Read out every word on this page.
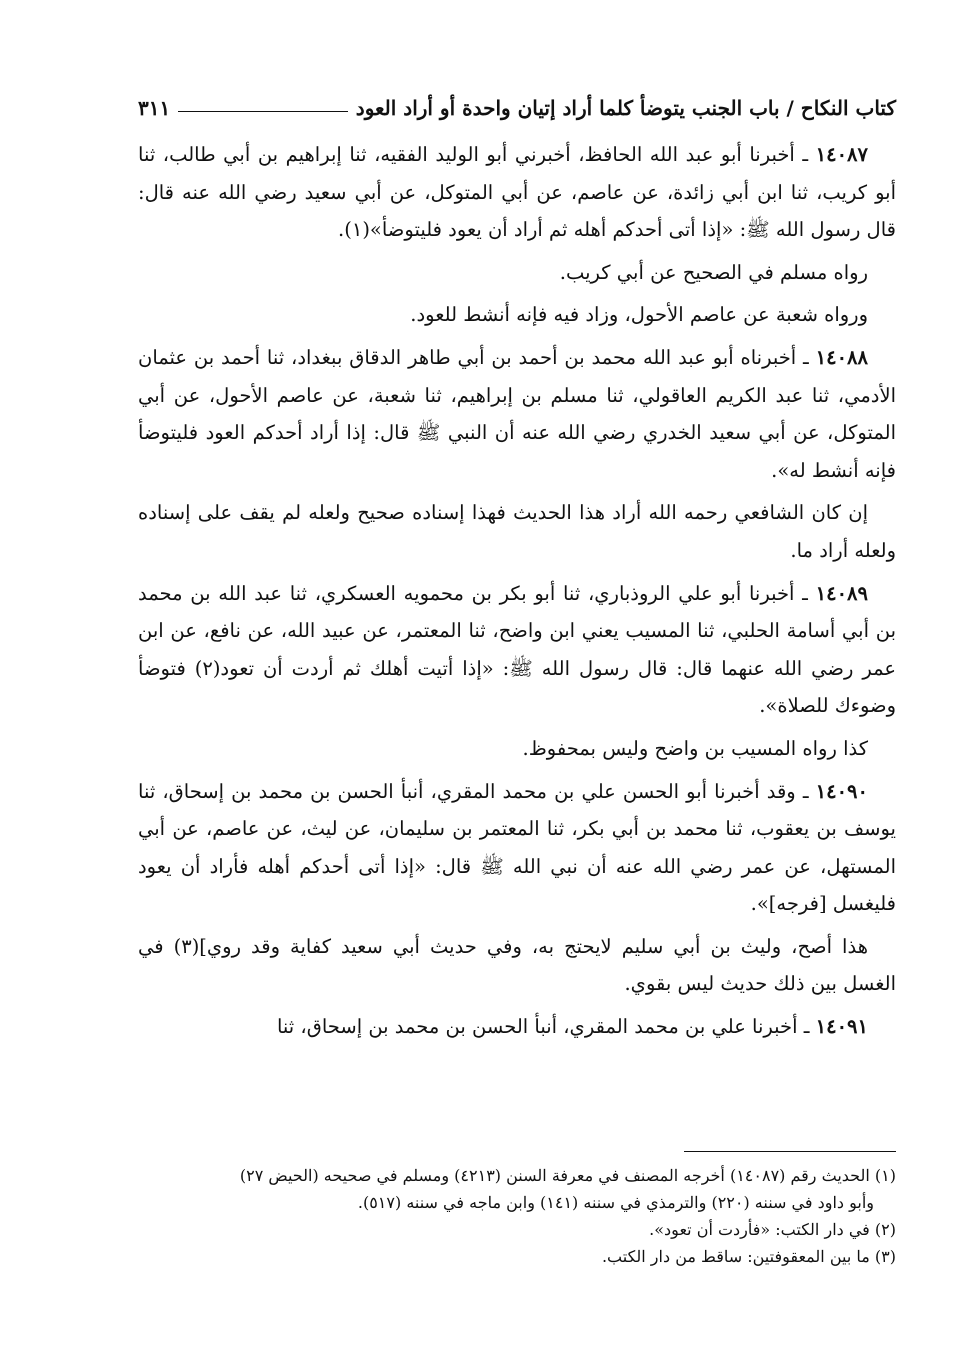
كتاب النكاح / باب الجنب يتوضأ كلما أراد إتيان واحدة أو أراد العود
٣١١

١٤٠٨٧ ـ أخبرنا أبو عبد الله الحافظ، أخبرني أبو الوليد الفقيه، ثنا إبراهيم بن أبي طالب، ثنا أبو كريب، ثنا ابن أبي زائدة، عن عاصم، عن أبي المتوكل، عن أبي سعيد رضي الله عنه قال: قال رسول الله ﷺ: «إذا أتى أحدكم أهله ثم أراد أن يعود فليتوضأ»(١).

رواه مسلم في الصحيح عن أبي كريب.

ورواه شعبة عن عاصم الأحول، وزاد فيه فإنه أنشط للعود.

١٤٠٨٨ ـ أخبرناه أبو عبد الله محمد بن أحمد بن أبي طاهر الدقاق ببغداد، ثنا أحمد بن عثمان الأدمي، ثنا عبد الكريم العاقولي، ثنا مسلم بن إبراهيم، ثنا شعبة، عن عاصم الأحول، عن أبي المتوكل، عن أبي سعيد الخدري رضي الله عنه أن النبي ﷺ قال: إذا أراد أحدكم العود فليتوضأ فإنه أنشط له».

إن كان الشافعي رحمه الله أراد هذا الحديث فهذا إسناده صحيح ولعله لم يقف على إسناده ولعله أراد ما.

١٤٠٨٩ ـ أخبرنا أبو علي الروذباري، ثنا أبو بكر بن محمويه العسكري، ثنا عبد الله بن محمد بن أبي أسامة الحلبي، ثنا المسيب يعني ابن واضح، ثنا المعتمر، عن عبيد الله، عن نافع، عن ابن عمر رضي الله عنهما قال: قال رسول الله ﷺ: «إذا أتيت أهلك ثم أردت أن تعود(٢) فتوضأ وضوءك للصلاة».

كذا رواه المسيب بن واضح وليس بمحفوظ.

١٤٠٩٠ ـ وقد أخبرنا أبو الحسن علي بن محمد المقري، أنبأ الحسن بن محمد بن إسحاق، ثنا يوسف بن يعقوب، ثنا محمد بن أبي بكر، ثنا المعتمر بن سليمان، عن ليث، عن عاصم، عن أبي المستهل، عن عمر رضي الله عنه أن نبي الله ﷺ قال: «إذا أتى أحدكم أهله فأراد أن يعود فليغسل [فرجه]».

هذا أصح، وليث بن أبي سليم لايحتج به، وفي حديث أبي سعيد كفاية وقد روي](٣) في الغسل بين ذلك حديث ليس بقوي.

١٤٠٩١ ـ أخبرنا علي بن محمد المقري، أنبأ الحسن بن محمد بن إسحاق، ثنا

(١) الحديث رقم (١٤٠٨٧) أخرجه المصنف في معرفة السنن (٤٢١٣) ومسلم في صحيحه (الحيض ٢٧)

وأبو داود في سننه (٢٢٠) والترمذي في سننه (١٤١) وابن ماجه في سننه (٥١٧).

(٢) في دار الكتب: «فأردت أن تعود».

(٣) ما بين المعقوفتين: ساقط من دار الكتب.
